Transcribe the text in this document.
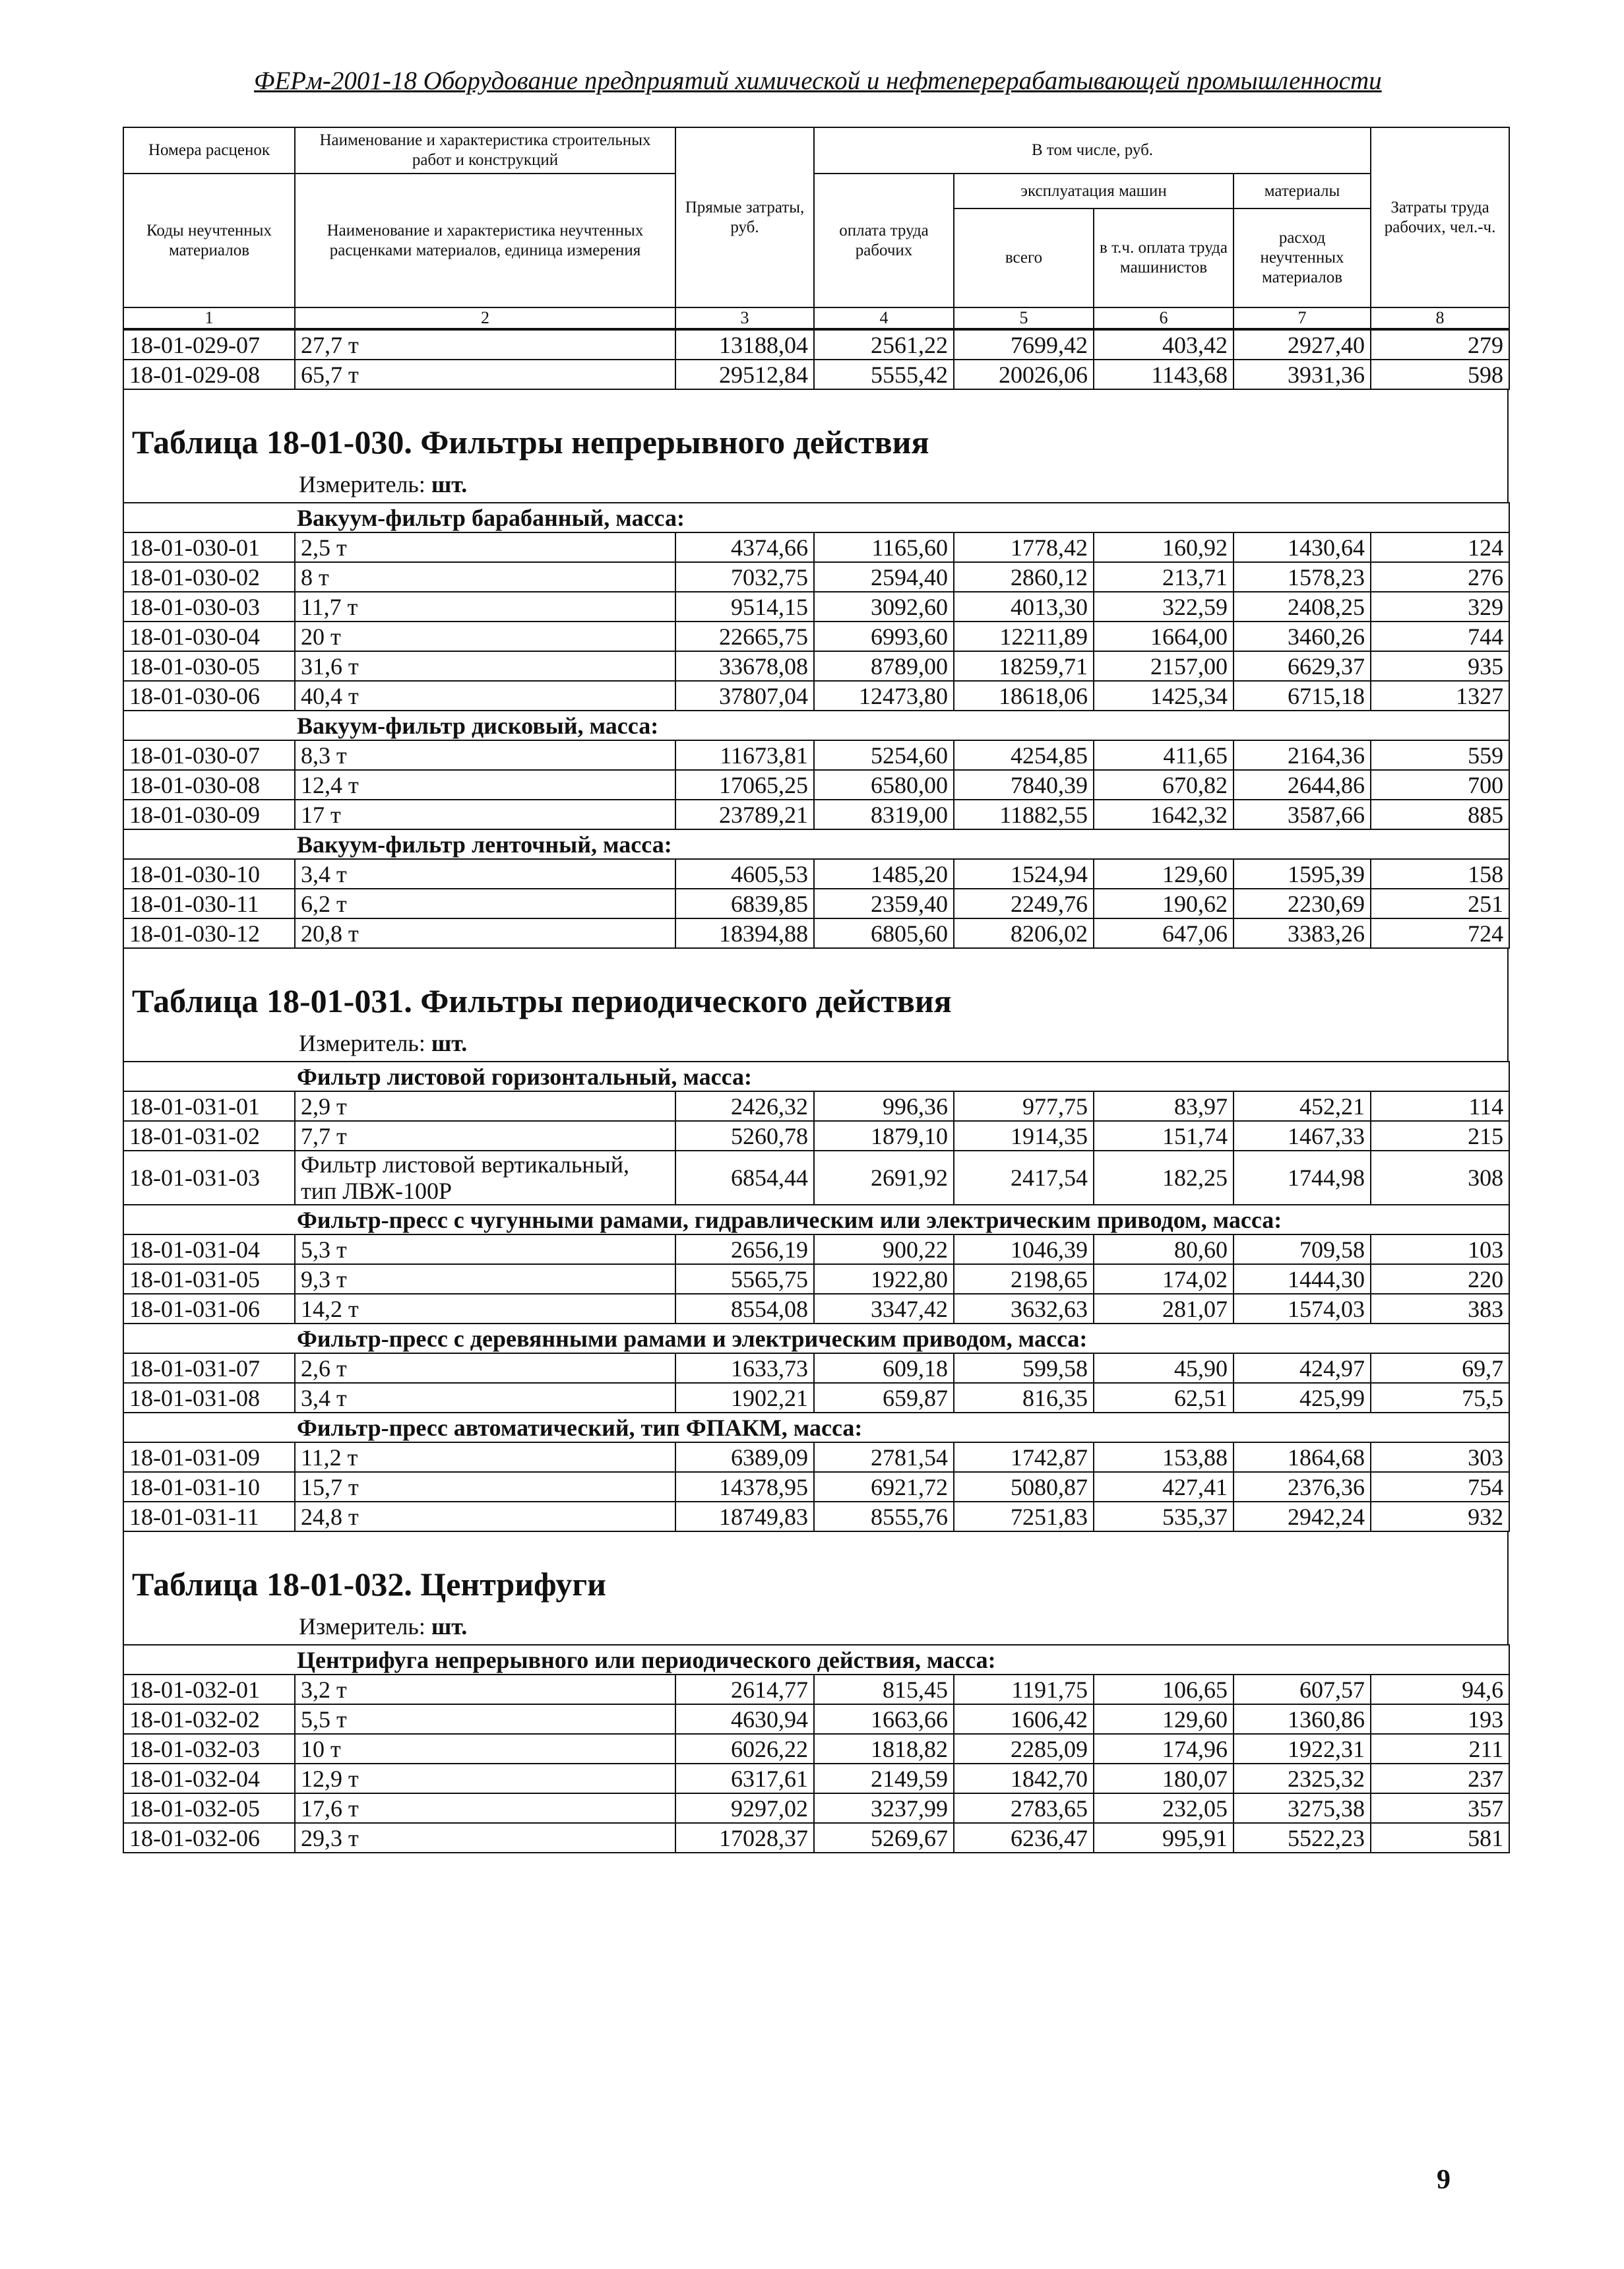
ФЕРм-2001-18 Оборудование предприятий химической и нефтеперерабатывающей промышленности
Номера расценок	Наименование и характеристика строительных работ и конструкций	Прямые затраты, руб.	В том числе, руб.				Затраты труда рабочих, чел.-ч.
Коды неучтенных материалов	Наименование и характеристика неучтенных расценками материалов, единица измерения		оплата труда рабочих	эксплуатация машин		материалы	
				всего	в т.ч. оплата труда машинистов	расход неучтенных материалов	
1	2	3	4	5	6	7	8
18-01-029-07	27,7 т	13188,04	2561,22	7699,42	403,42	2927,40	279
18-01-029-08	65,7 т	29512,84	5555,42	20026,06	1143,68	3931,36	598
Таблица 18-01-030. Фильтры непрерывного действия
Измеритель: шт.
Вакуум-фильтр барабанный, масса:							
18-01-030-01	2,5 т	4374,66	1165,60	1778,42	160,92	1430,64	124
18-01-030-02	8 т	7032,75	2594,40	2860,12	213,71	1578,23	276
18-01-030-03	11,7 т	9514,15	3092,60	4013,30	322,59	2408,25	329
18-01-030-04	20 т	22665,75	6993,60	12211,89	1664,00	3460,26	744
18-01-030-05	31,6 т	33678,08	8789,00	18259,71	2157,00	6629,37	935
18-01-030-06	40,4 т	37807,04	12473,80	18618,06	1425,34	6715,18	1327
Вакуум-фильтр дисковый, масса:							
18-01-030-07	8,3 т	11673,81	5254,60	4254,85	411,65	2164,36	559
18-01-030-08	12,4 т	17065,25	6580,00	7840,39	670,82	2644,86	700
18-01-030-09	17 т	23789,21	8319,00	11882,55	1642,32	3587,66	885
Вакуум-фильтр ленточный, масса:							
18-01-030-10	3,4 т	4605,53	1485,20	1524,94	129,60	1595,39	158
18-01-030-11	6,2 т	6839,85	2359,40	2249,76	190,62	2230,69	251
18-01-030-12	20,8 т	18394,88	6805,60	8206,02	647,06	3383,26	724
Таблица 18-01-031. Фильтры периодического действия
Измеритель: шт.
Фильтр листовой горизонтальный, масса:							
18-01-031-01	2,9 т	2426,32	996,36	977,75	83,97	452,21	114
18-01-031-02	7,7 т	5260,78	1879,10	1914,35	151,74	1467,33	215
18-01-031-03	Фильтр листовой вертикальный, тип ЛВЖ-100Р	6854,44	2691,92	2417,54	182,25	1744,98	308
Фильтр-пресс с чугунными рамами, гидравлическим или электрическим приводом, масса:							
18-01-031-04	5,3 т	2656,19	900,22	1046,39	80,60	709,58	103
18-01-031-05	9,3 т	5565,75	1922,80	2198,65	174,02	1444,30	220
18-01-031-06	14,2 т	8554,08	3347,42	3632,63	281,07	1574,03	383
Фильтр-пресс с деревянными рамами и электрическим приводом, масса:							
18-01-031-07	2,6 т	1633,73	609,18	599,58	45,90	424,97	69,7
18-01-031-08	3,4 т	1902,21	659,87	816,35	62,51	425,99	75,5
Фильтр-пресс автоматический, тип ФПАКМ, масса:							
18-01-031-09	11,2 т	6389,09	2781,54	1742,87	153,88	1864,68	303
18-01-031-10	15,7 т	14378,95	6921,72	5080,87	427,41	2376,36	754
18-01-031-11	24,8 т	18749,83	8555,76	7251,83	535,37	2942,24	932
Таблица 18-01-032. Центрифуги
Измеритель: шт.
Центрифуга непрерывного или периодического действия, масса:							
18-01-032-01	3,2 т	2614,77	815,45	1191,75	106,65	607,57	94,6
18-01-032-02	5,5 т	4630,94	1663,66	1606,42	129,60	1360,86	193
18-01-032-03	10 т	6026,22	1818,82	2285,09	174,96	1922,31	211
18-01-032-04	12,9 т	6317,61	2149,59	1842,70	180,07	2325,32	237
18-01-032-05	17,6 т	9297,02	3237,99	2783,65	232,05	3275,38	357
18-01-032-06	29,3 т	17028,37	5269,67	6236,47	995,91	5522,23	581
9
